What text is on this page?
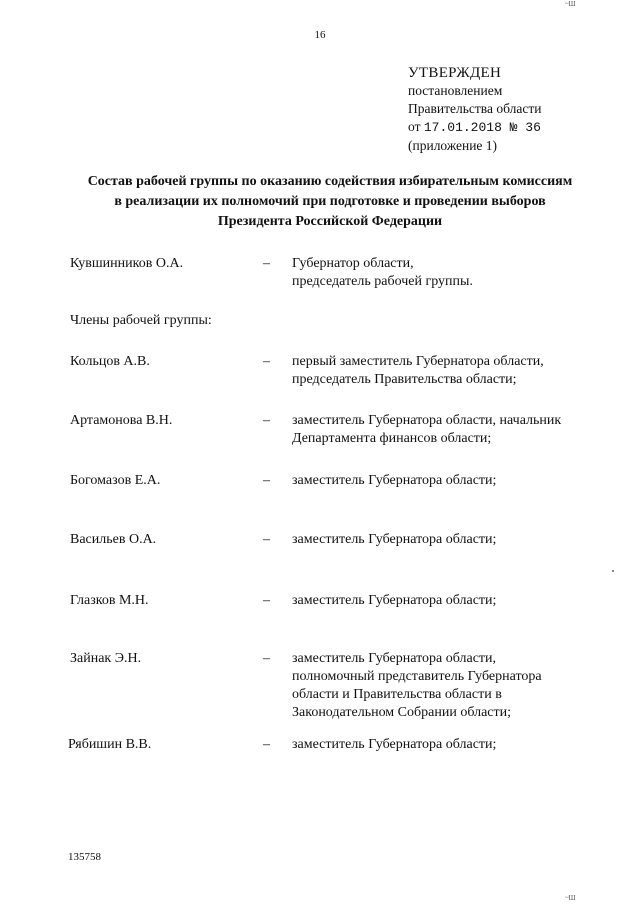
16
~ Ш
УТВЕРЖДЕН
постановлением
Правительства области
от 17.01.2018 № 36
(приложение 1)
Состав рабочей группы по оказанию содействия избирательным комиссиям
в реализации их полномочий при подготовке и проведении выборов
Президента Российской Федерации
Кувшинников О.А.	– Губернатор области,
председатель рабочей группы.
Члены рабочей группы:
Кольцов А.В.	– первый заместитель Губернатора области,
председатель Правительства области;
Артамонова В.Н.	– заместитель Губернатора области, начальник
Департамента финансов области;
Богомазов Е.А.	– заместитель Губернатора области;
Васильев О.А.	– заместитель Губернатора области;
Глазков М.Н.	– заместитель Губернатора области;
Зайнак Э.Н.	– заместитель Губернатора области,
полномочный представитель Губернатора
области и Правительства области в
Законодательном Собрании области;
Рябишин В.В.	– заместитель Губернатора области;
135758
~ Ш
